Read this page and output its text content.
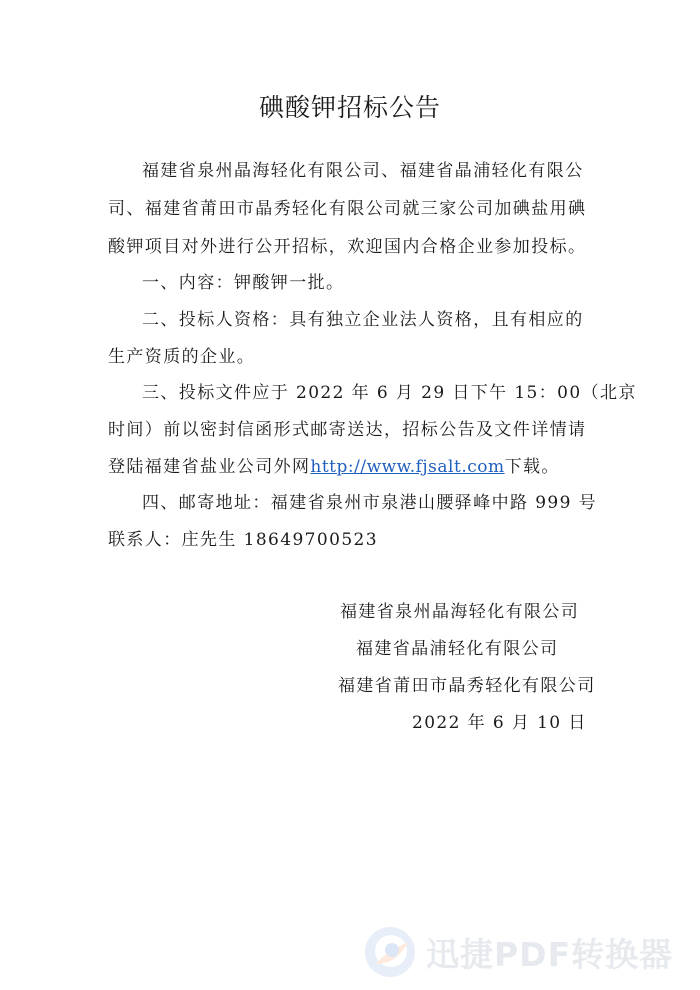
碘酸钾招标公告
福建省泉州晶海轻化有限公司、福建省晶浦轻化有限公
司、福建省莆田市晶秀轻化有限公司就三家公司加碘盐用碘
酸钾项目对外进行公开招标，欢迎国内合格企业参加投标。
一、内容：钾酸钾一批。
二、投标人资格：具有独立企业法人资格，且有相应的
生产资质的企业。
三、投标文件应于 2022 年 6 月 29 日下午 15：00（北京
时间）前以密封信函形式邮寄送达，招标公告及文件详情请
登陆福建省盐业公司外网http://www.fjsalt.com下载。
四、邮寄地址：福建省泉州市泉港山腰驿峰中路 999 号
联系人：庄先生 18649700523
福建省泉州晶海轻化有限公司
福建省晶浦轻化有限公司
福建省莆田市晶秀轻化有限公司
2022 年 6 月 10 日
迅捷PDF转换器
